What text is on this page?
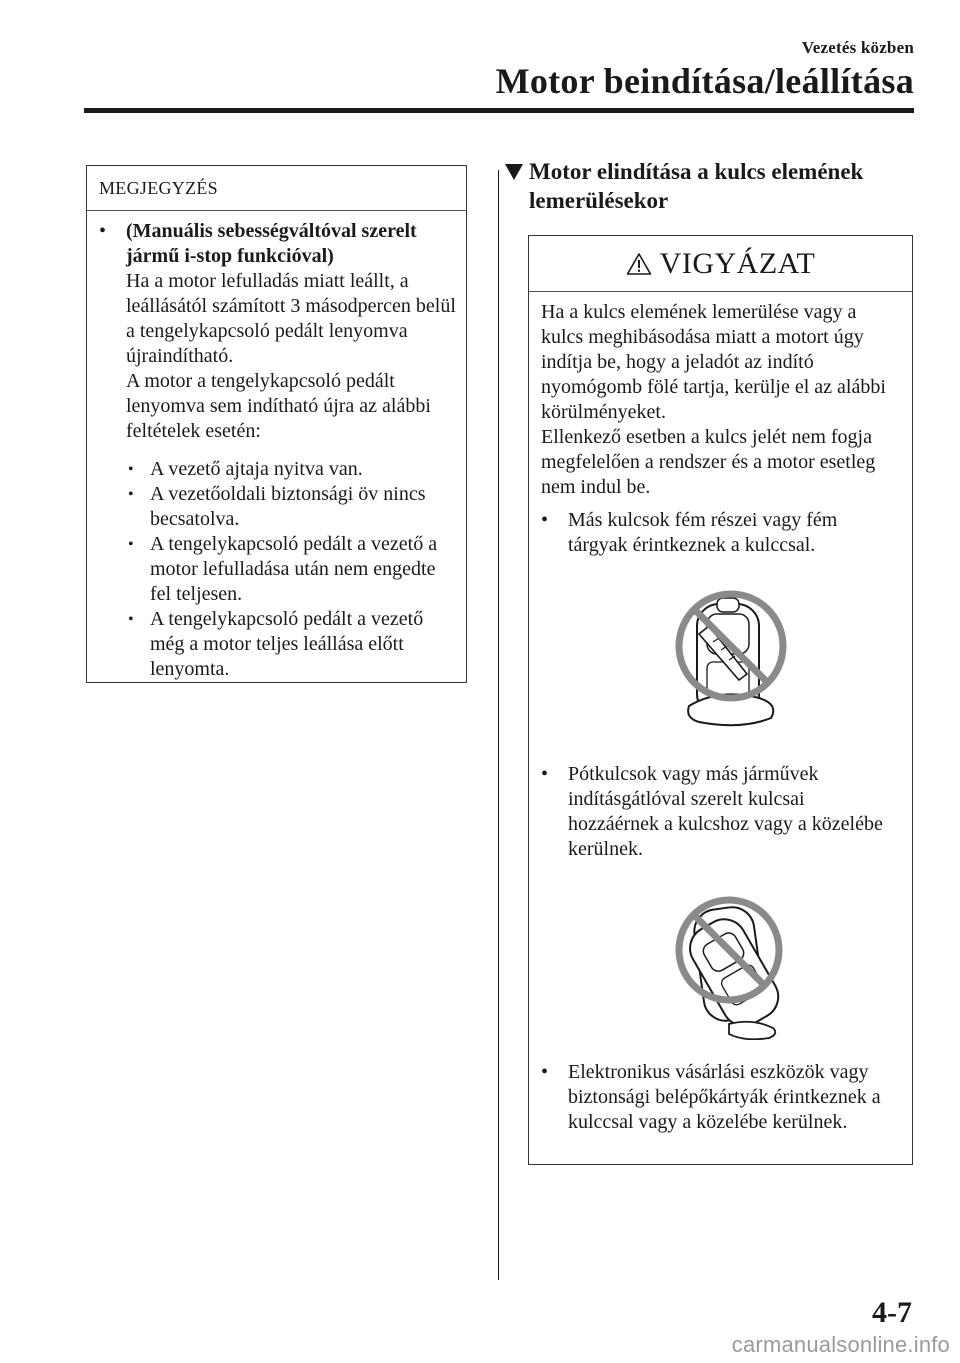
Vezetés közben
Motor beindítása/leállítása
MEGJEGYZÉS
• (Manuális sebességváltóval szerelt jármű i-stop funkcióval)

Ha a motor lefulladás miatt leállt, a leállásától számított 3 másodpercen belül a tengelykapcsoló pedált lenyomva újraindítható.

A motor a tengelykapcsoló pedált lenyomva sem indítható újra az alábbi feltételek esetén:

• A vezető ajtaja nyitva van.
• A vezetőoldali biztonsági öv nincs becsatolva.
• A tengelykapcsoló pedált a vezető a motor lefulladása után nem engedte fel teljesen.
• A tengelykapcsoló pedált a vezető még a motor teljes leállása előtt lenyomta.
Motor elindítása a kulcs elemének lemerülésekor
VIGYÁZAT

Ha a kulcs elemének lemerülése vagy a kulcs meghibásodása miatt a motort úgy indítja be, hogy a jeladót az indító nyomógomb fölé tartja, kerülje el az alábbi körülményeket.

Ellenkező esetben a kulcs jelét nem fogja megfelelően a rendszer és a motor esetleg nem indul be.

• Más kulcsok fém részei vagy fém tárgyak érintkeznek a kulccsal.
• Pótkulcsok vagy más járművek indításgátlóval szerelt kulcsai hozzáérnek a kulcshoz vagy a közelébe kerülnek.
• Elektronikus vásárlási eszközök vagy biztonsági belépőkártyák érintkeznek a kulccsal vagy a közelébe kerülnek.
4-7
carmanualsonline.info
